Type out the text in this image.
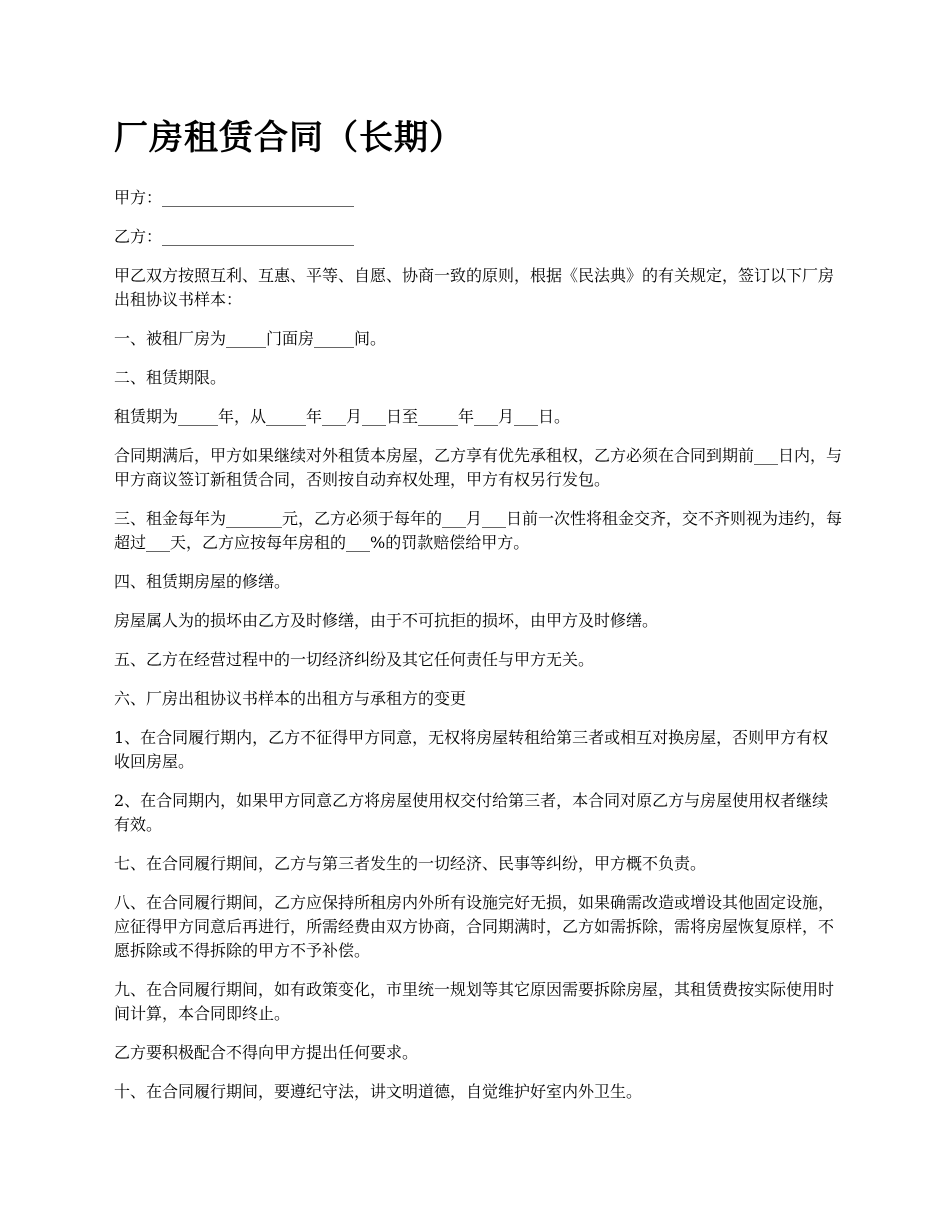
厂房租赁合同（长期）

甲方：________________________

乙方：________________________

甲乙双方按照互利、互惠、平等、自愿、协商一致的原则，根据《民法典》的有关规定，签订以下厂房出租协议书样本：

一、被租厂房为_____门面房_____间。

二、租赁期限。

租赁期为_____年，从_____年___月___日至_____年___月___日。

合同期满后，甲方如果继续对外租赁本房屋，乙方享有优先承租权，乙方必须在合同到期前___日内，与甲方商议签订新租赁合同，否则按自动弃权处理，甲方有权另行发包。

三、租金每年为_______元，乙方必须于每年的___月___日前一次性将租金交齐，交不齐则视为违约，每超过___天，乙方应按每年房租的___%的罚款赔偿给甲方。

四、租赁期房屋的修缮。

房屋属人为的损坏由乙方及时修缮，由于不可抗拒的损坏，由甲方及时修缮。

五、乙方在经营过程中的一切经济纠纷及其它任何责任与甲方无关。

六、厂房出租协议书样本的出租方与承租方的变更

1、在合同履行期内，乙方不征得甲方同意，无权将房屋转租给第三者或相互对换房屋，否则甲方有权收回房屋。

2、在合同期内，如果甲方同意乙方将房屋使用权交付给第三者，本合同对原乙方与房屋使用权者继续有效。

七、在合同履行期间，乙方与第三者发生的一切经济、民事等纠纷，甲方概不负责。

八、在合同履行期间，乙方应保持所租房内外所有设施完好无损，如果确需改造或增设其他固定设施，应征得甲方同意后再进行，所需经费由双方协商，合同期满时，乙方如需拆除，需将房屋恢复原样，不愿拆除或不得拆除的甲方不予补偿。

九、在合同履行期间，如有政策变化，市里统一规划等其它原因需要拆除房屋，其租赁费按实际使用时间计算，本合同即终止。

乙方要积极配合不得向甲方提出任何要求。

十、在合同履行期间，要遵纪守法，讲文明道德，自觉维护好室内外卫生。
